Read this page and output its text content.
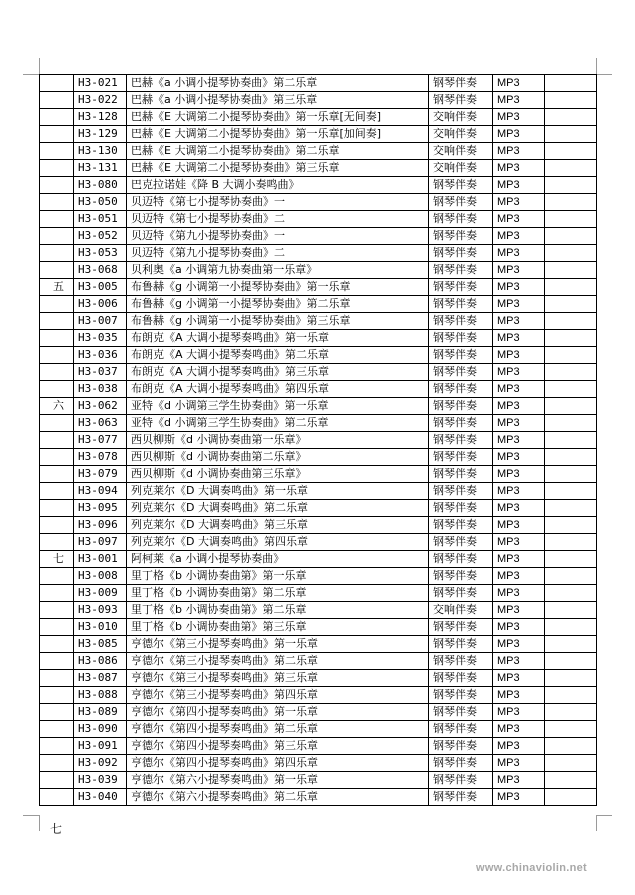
	H3-021	巴赫《a 小调小提琴协奏曲》第二乐章	钢琴伴奏	MP3	
	H3-022	巴赫《a 小调小提琴协奏曲》第三乐章	钢琴伴奏	MP3	
	H3-128	巴赫《E 大调第二小提琴协奏曲》第一乐章[无间奏]	交响伴奏	MP3	
	H3-129	巴赫《E 大调第二小提琴协奏曲》第一乐章[加间奏]	交响伴奏	MP3	
	H3-130	巴赫《E 大调第二小提琴协奏曲》第二乐章	交响伴奏	MP3	
	H3-131	巴赫《E 大调第二小提琴协奏曲》第三乐章	交响伴奏	MP3	
	H3-080	巴克拉诺娃《降 B 大调小奏鸣曲》	钢琴伴奏	MP3	
	H3-050	贝迈特《第七小提琴协奏曲》一	钢琴伴奏	MP3	
	H3-051	贝迈特《第七小提琴协奏曲》二	钢琴伴奏	MP3	
	H3-052	贝迈特《第九小提琴协奏曲》一	钢琴伴奏	MP3	
	H3-053	贝迈特《第九小提琴协奏曲》二	钢琴伴奏	MP3	
	H3-068	贝利奥《a 小调第九协奏曲第一乐章》	钢琴伴奏	MP3	
五	H3-005	布鲁赫《g 小调第一小提琴协奏曲》第一乐章	钢琴伴奏	MP3	
	H3-006	布鲁赫《g 小调第一小提琴协奏曲》第二乐章	钢琴伴奏	MP3	
	H3-007	布鲁赫《g 小调第一小提琴协奏曲》第三乐章	钢琴伴奏	MP3	
	H3-035	布朗克《A 大调小提琴奏鸣曲》第一乐章	钢琴伴奏	MP3	
	H3-036	布朗克《A 大调小提琴奏鸣曲》第二乐章	钢琴伴奏	MP3	
	H3-037	布朗克《A 大调小提琴奏鸣曲》第三乐章	钢琴伴奏	MP3	
	H3-038	布朗克《A 大调小提琴奏鸣曲》第四乐章	钢琴伴奏	MP3	
六	H3-062	亚特《d 小调第三学生协奏曲》第一乐章	钢琴伴奏	MP3	
	H3-063	亚特《d 小调第三学生协奏曲》第二乐章	钢琴伴奏	MP3	
	H3-077	西贝柳斯《d 小调协奏曲第一乐章》	钢琴伴奏	MP3	
	H3-078	西贝柳斯《d 小调协奏曲第二乐章》	钢琴伴奏	MP3	
	H3-079	西贝柳斯《d 小调协奏曲第三乐章》	钢琴伴奏	MP3	
	H3-094	列克莱尔《D 大调奏鸣曲》第一乐章	钢琴伴奏	MP3	
	H3-095	列克莱尔《D 大调奏鸣曲》第二乐章	钢琴伴奏	MP3	
	H3-096	列克莱尔《D 大调奏鸣曲》第三乐章	钢琴伴奏	MP3	
	H3-097	列克莱尔《D 大调奏鸣曲》第四乐章	钢琴伴奏	MP3	
七	H3-001	阿柯莱《a 小调小提琴协奏曲》	钢琴伴奏	MP3	
	H3-008	里丁格《b 小调协奏曲第》第一乐章	钢琴伴奏	MP3	
	H3-009	里丁格《b 小调协奏曲第》第二乐章	钢琴伴奏	MP3	
	H3-093	里丁格《b 小调协奏曲第》第二乐章	交响伴奏	MP3	
	H3-010	里丁格《b 小调协奏曲第》第三乐章	钢琴伴奏	MP3	
	H3-085	亨德尔《第三小提琴奏鸣曲》第一乐章	钢琴伴奏	MP3	
	H3-086	亨德尔《第三小提琴奏鸣曲》第二乐章	钢琴伴奏	MP3	
	H3-087	亨德尔《第三小提琴奏鸣曲》第三乐章	钢琴伴奏	MP3	
	H3-088	亨德尔《第三小提琴奏鸣曲》第四乐章	钢琴伴奏	MP3	
	H3-089	亨德尔《第四小提琴奏鸣曲》第一乐章	钢琴伴奏	MP3	
	H3-090	亨德尔《第四小提琴奏鸣曲》第二乐章	钢琴伴奏	MP3	
	H3-091	亨德尔《第四小提琴奏鸣曲》第三乐章	钢琴伴奏	MP3	
	H3-092	亨德尔《第四小提琴奏鸣曲》第四乐章	钢琴伴奏	MP3	
	H3-039	亨德尔《第六小提琴奏鸣曲》第一乐章	钢琴伴奏	MP3	
	H3-040	亨德尔《第六小提琴奏鸣曲》第二乐章	钢琴伴奏	MP3	
七
www.chinaviolin.net
